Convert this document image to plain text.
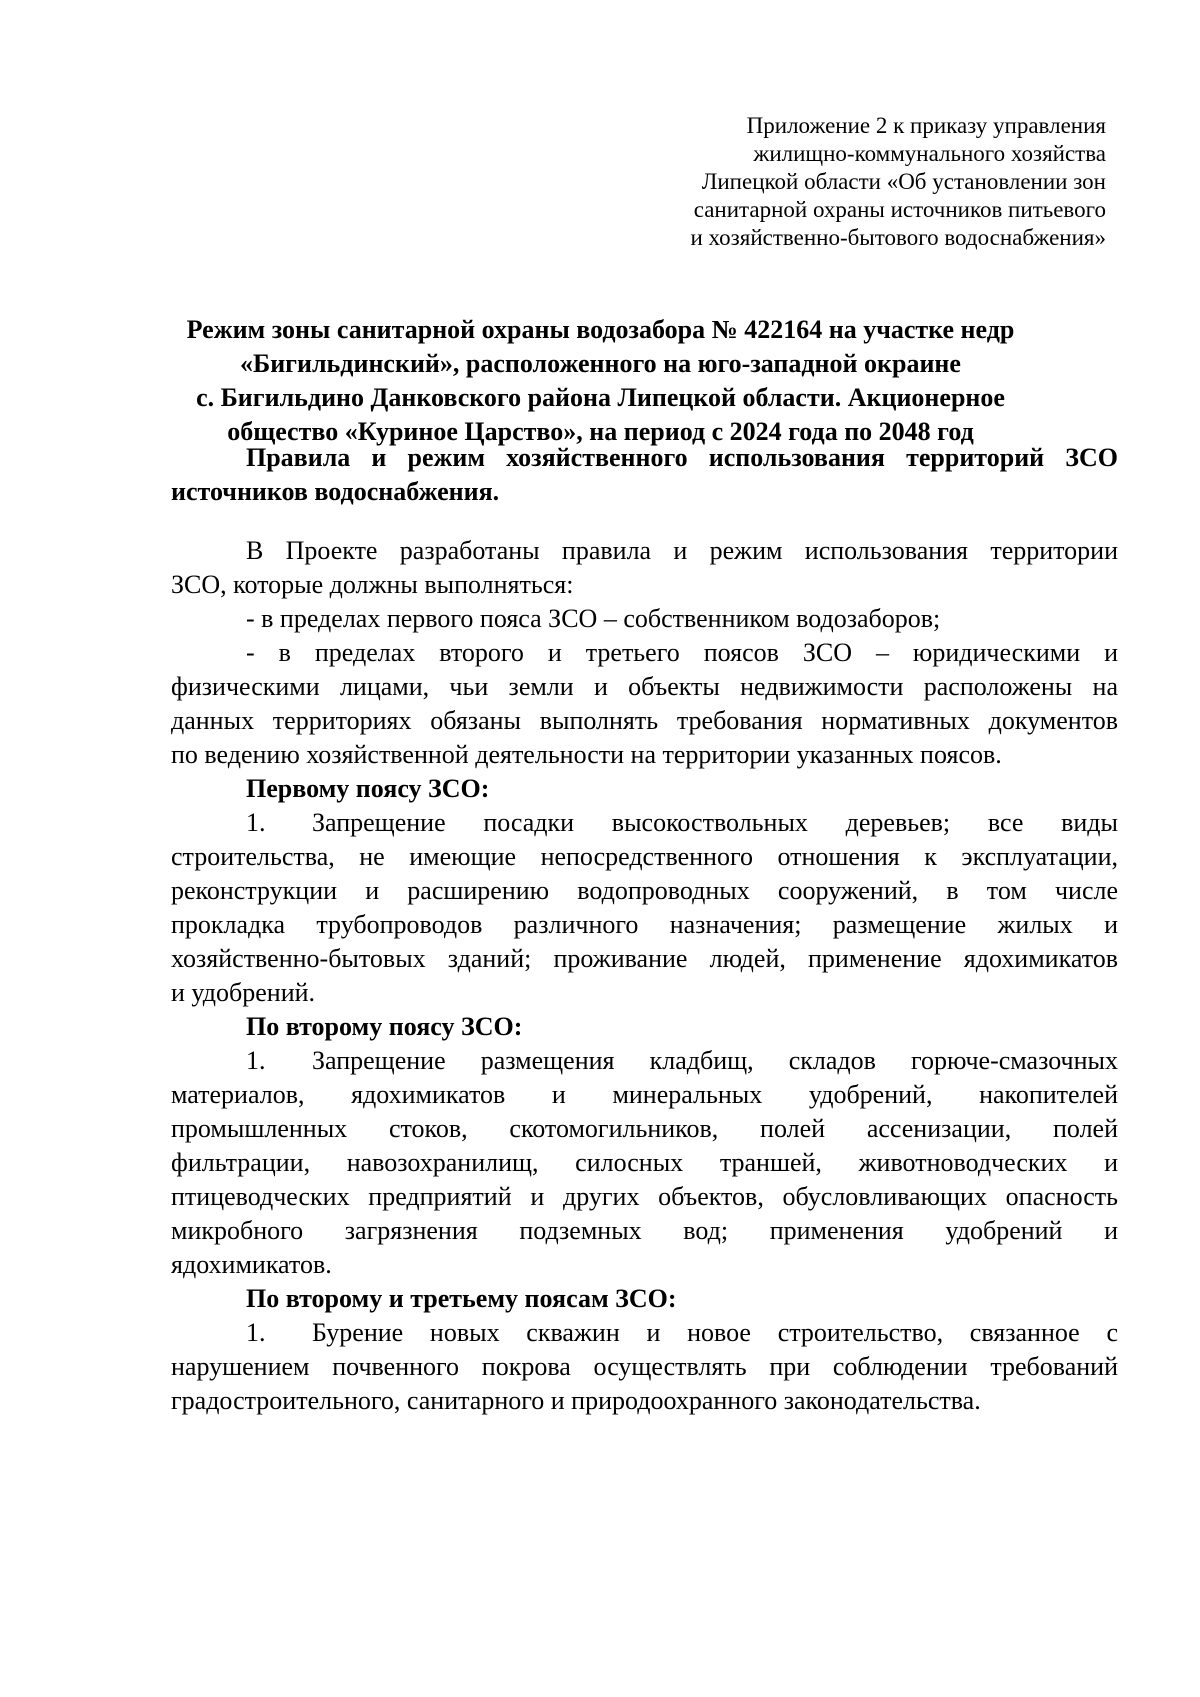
Приложение 2 к приказу управления
жилищно-коммунального хозяйства
Липецкой области «Об установлении зон
санитарной охраны источников питьевого
и хозяйственно-бытового водоснабжения»
Режим зоны санитарной охраны водозабора № 422164 на участке недр
«Бигильдинский», расположенного на юго-западной окраине
с. Бигильдино Данковского района Липецкой области. Акционерное
общество «Куриное Царство», на период с 2024 года по 2048 год
Правила и режим хозяйственного использования территорий ЗСО
источников водоснабжения.
В Проекте разработаны правила и режим использования территории
ЗСО, которые должны выполняться:
- в пределах первого пояса ЗСО – собственником водозаборов;
- в пределах второго и третьего поясов ЗСО – юридическими и
физическими лицами, чьи земли и объекты недвижимости расположены на
данных территориях обязаны выполнять требования нормативных документов
по ведению хозяйственной деятельности на территории указанных поясов.
Первому поясу ЗСО:
1.	Запрещение посадки высокоствольных деревьев; все виды
строительства, не имеющие непосредственного отношения к эксплуатации,
реконструкции и расширению водопроводных сооружений, в том числе
прокладка трубопроводов различного назначения; размещение жилых и
хозяйственно-бытовых зданий; проживание людей, применение ядохимикатов
и удобрений.
По второму поясу ЗСО:
1.	Запрещение размещения кладбищ, складов горюче-смазочных
материалов, ядохимикатов и минеральных удобрений, накопителей
промышленных стоков, скотомогильников, полей ассенизации, полей
фильтрации, навозохранилищ, силосных траншей, животноводческих и
птицеводческих предприятий и других объектов, обусловливающих опасность
микробного загрязнения подземных вод; применения удобрений и
ядохимикатов.
По второму и третьему поясам ЗСО:
1.	Бурение новых скважин и новое строительство, связанное с
нарушением почвенного покрова осуществлять при соблюдении требований
градостроительного, санитарного и природоохранного законодательства.
